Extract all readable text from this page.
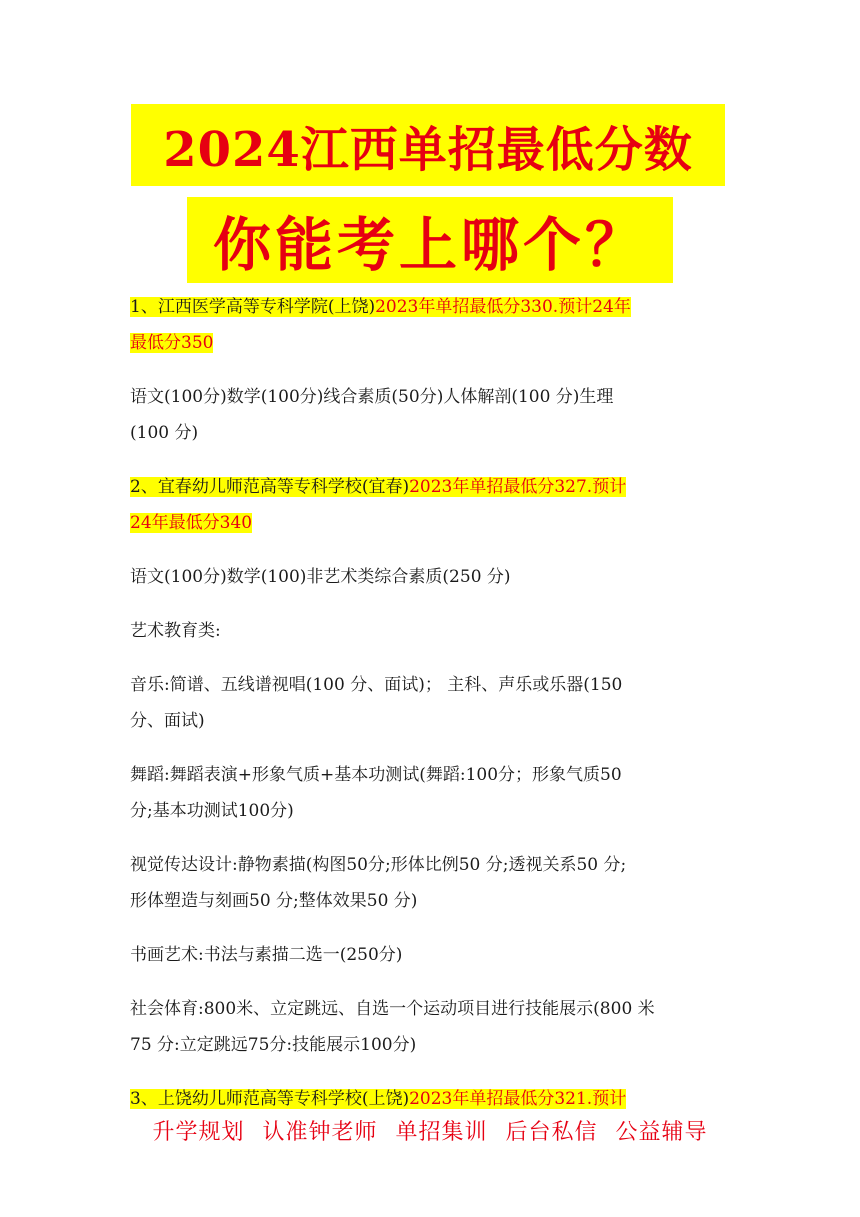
2024江西单招最低分数
你能考上哪个？
1、江西医学高等专科学院(上饶)2023年单招最低分330.预计24年
最低分350
语文(100分)数学(100分)线合素质(50分)人体解剖(100 分)生理
(100 分)
2、宜春幼儿师范高等专科学校(宜春)2023年单招最低分327.预计
24年最低分340
语文(100分)数学(100)非艺术类综合素质(250 分)
艺术教育类:
音乐:简谱、五线谱视唱(100 分、面试)； 主科、声乐或乐器(150
分、面试)
舞蹈:舞蹈表演+形象气质+基本功测试(舞蹈:100分；形象气质50
分;基本功测试100分)
视觉传达设计:静物素描(构图50分;形体比例50 分;透视关系50 分;
形体塑造与刻画50 分;整体效果50 分)
书画艺术:书法与素描二选一(250分)
社会体育:800米、立定跳远、自选一个运动项目进行技能展示(800 米
75 分:立定跳远75分:技能展示100分)
3、上饶幼儿师范高等专科学校(上饶)2023年单招最低分321.预计
升学规划 认准钟老师 单招集训 后台私信 公益辅导
